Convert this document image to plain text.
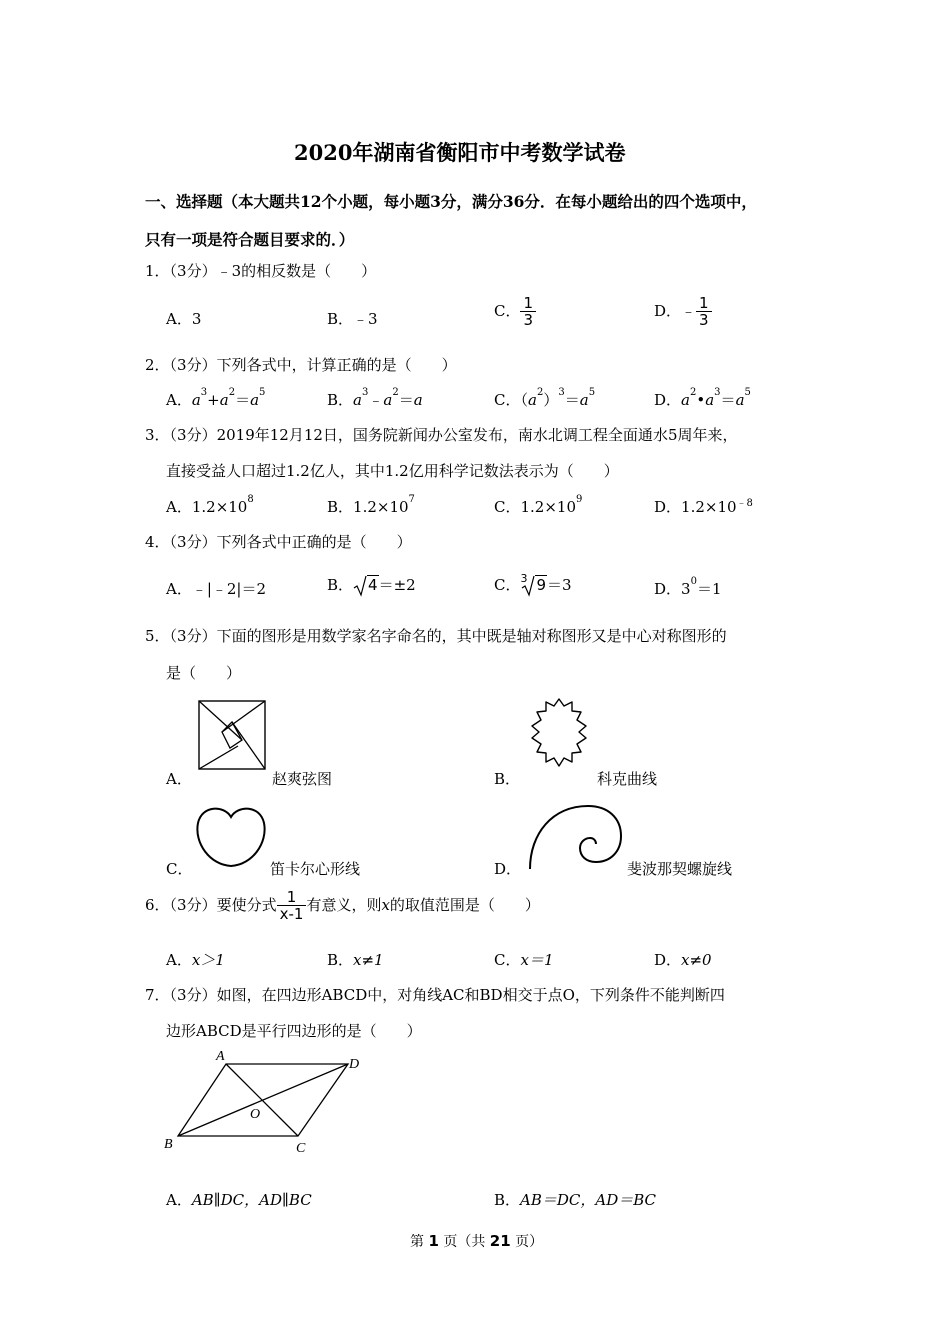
2020年湖南省衡阳市中考数学试卷
一、选择题（本大题共12个小题，每小题3分，满分36分．在每小题给出的四个选项中，
只有一项是符合题目要求的．）
1．（3分）﹣3的相反数是（　　）
A．3	B．﹣3	C． $\frac{1}{3}$	D．﹣ $\frac{1}{3}$
2．（3分）下列各式中，计算正确的是（　　）
A．$a^3+a^2=a^5$	B．$a^3﹣a^2=a$	C．$(a^2)^3=a^5$	D．$a^2•a^3=a^5$
3．（3分）2019年12月12日，国务院新闻办公室发布，南水北调工程全面通水5周年来，
直接受益人口超过1.2亿人，其中1.2亿用科学记数法表示为（　　）
A．$1.2\times 10^8$	B．$1.2\times 10^7$	C．$1.2\times 10^9$	D．$1.2\times 10^{﹣8}$
4．（3分）下列各式中正确的是（　　）
A．﹣|﹣2|＝2	B． 4＝±2	C．$^3$ 9＝3	D．$3^0=1$
5．（3分）下面的图形是用数学家名字命名的，其中既是轴对称图形又是中心对称图形的
是（　　）
A．	赵爽弦图	B．	科克曲线
C．	笛卡尔心形线	D．	斐波那契螺旋线
6．（3分）要使分式 $\frac{1}{x-1}$ 有意义，则x的取值范围是（　　）
A．x＞1	B．x≠1	C．x＝1	D．x≠0
7．（3分）如图，在四边形ABCD中，对角线AC和BD相交于点O，下列条件不能判断四
边形ABCD是平行四边形的是（　　）
A
D
B	C
O
A．AB∥DC，AD∥BC	B．AB＝DC，AD＝BC
第 1 页（共 21 页）
